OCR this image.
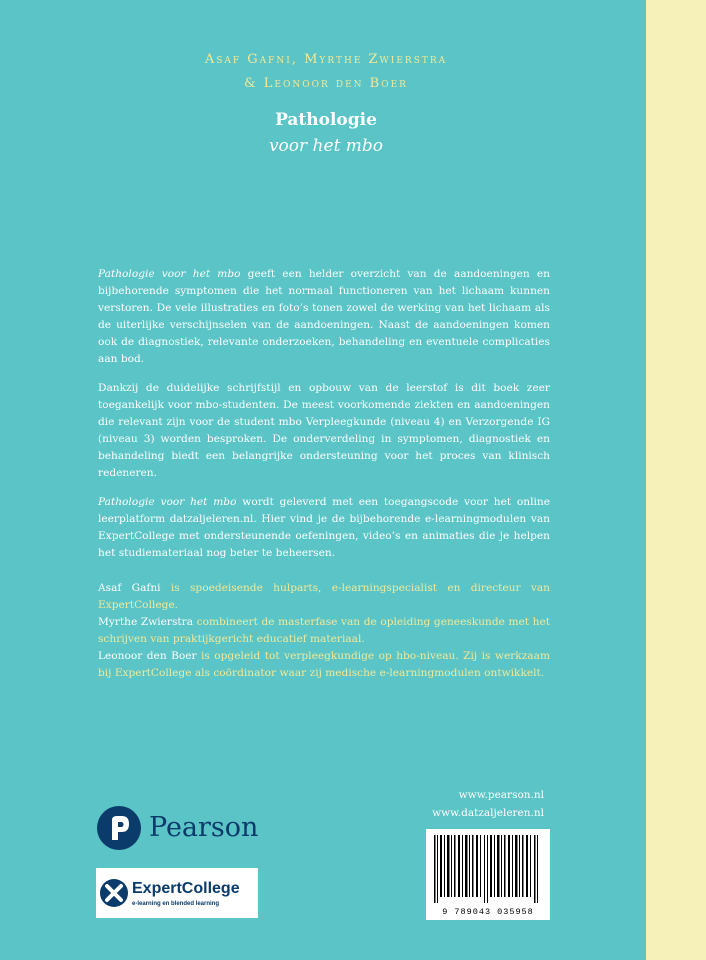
Asaf Gafni, Myrthe Zwierstra
& Leonoor den Boer
Pathologie
voor het mbo
Pathologie voor het mbo geeft een helder overzicht van de aandoeningen en bijbehorende symptomen die het normaal functioneren van het lichaam kunnen verstoren. De vele illustraties en foto’s tonen zowel de werking van het lichaam als de uiterlijke verschijnselen van de aandoeningen. Naast de aandoeningen komen ook de diagnostiek, relevante onderzoeken, behandeling en eventuele complicaties aan bod.
Dankzij de duidelijke schrijfstijl en opbouw van de leerstof is dit boek zeer toegankelijk voor mbo-studenten. De meest voorkomende ziekten en aandoeningen die relevant zijn voor de student mbo Verpleegkunde (niveau 4) en Verzorgende IG (niveau 3) worden besproken. De onderverdeling in symptomen, diagnostiek en behandeling biedt een belangrijke ondersteuning voor het proces van klinisch redeneren.
Pathologie voor het mbo wordt geleverd met een toegangscode voor het online leerplatform datzaljeleren.nl. Hier vind je de bijbehorende e-learningmodulen van ExpertCollege met ondersteunende oefeningen, video’s en animaties die je helpen het studiemateriaal nog beter te beheersen.
Asaf Gafni is spoedeisende hulparts, e-learningspecialist en directeur van ExpertCollege.
Myrthe Zwierstra combineert de masterfase van de opleiding geneeskunde met het schrijven van praktijkgericht educatief materiaal.
Leonoor den Boer is opgeleid tot verpleegkundige op hbo-niveau. Zij is werkzaam bij ExpertCollege als coördinator waar zij medische e-learningmodulen ontwikkelt.
www.pearson.nl
www.datzaljeleren.nl
Pearson
ExpertCollege
e-learning en blended learning
9 789043 035958
